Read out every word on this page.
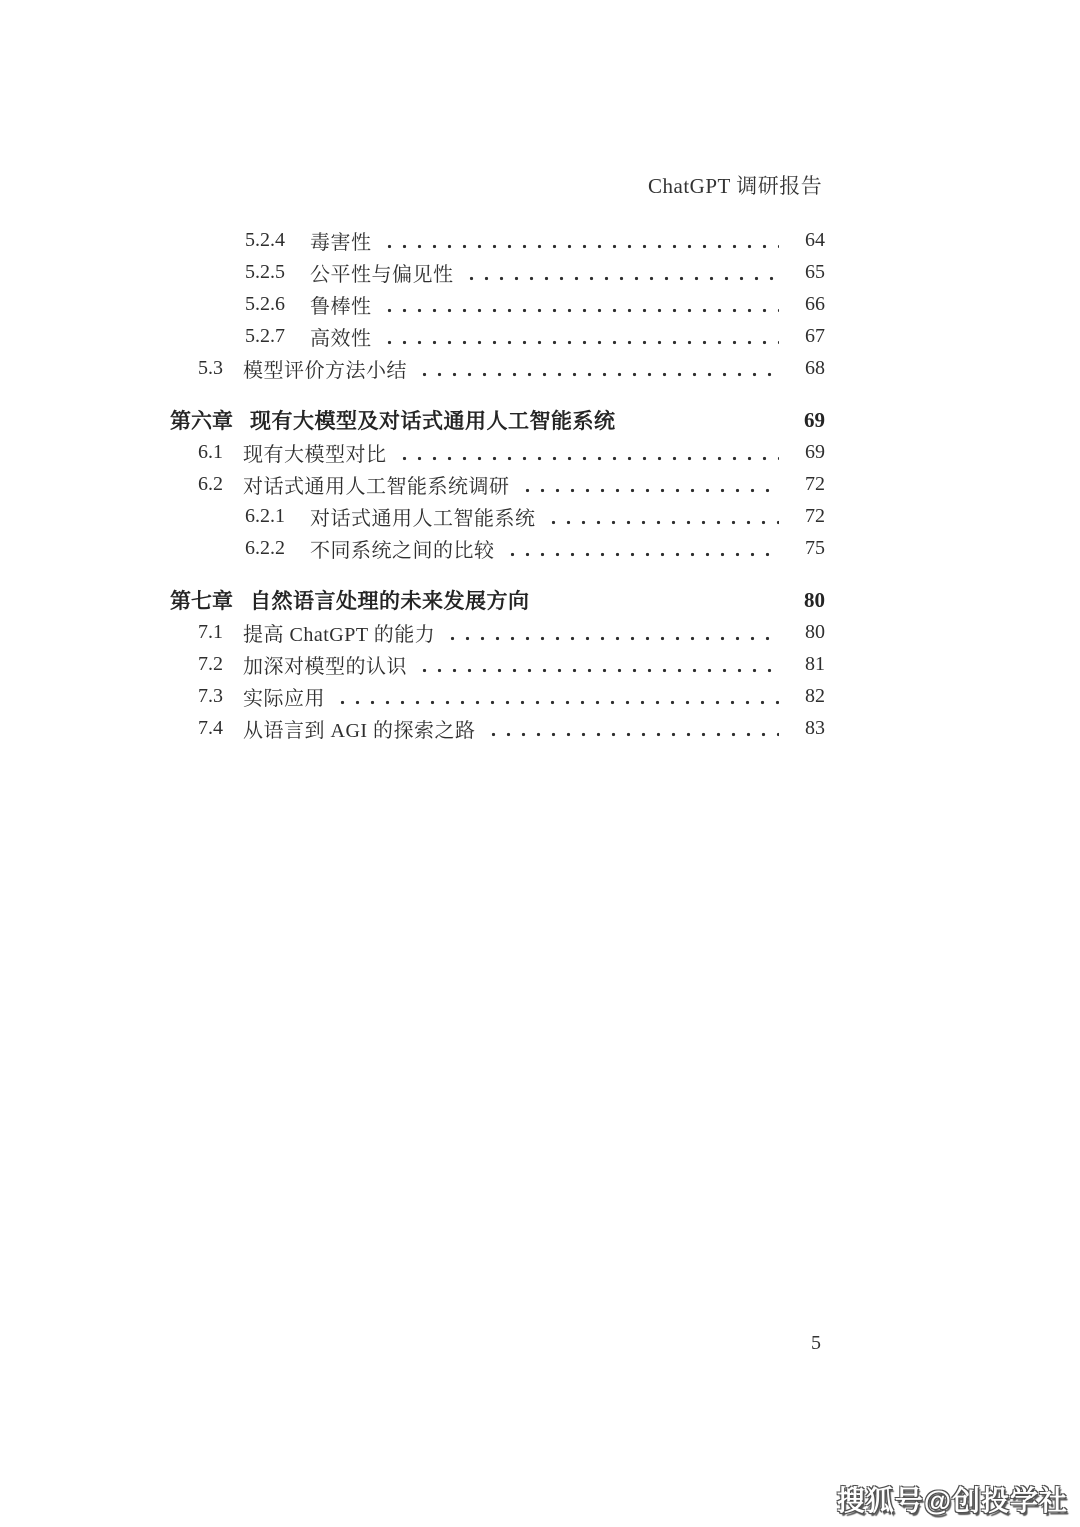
ChatGPT 调研报告
5.2.4	毒害性	64
5.2.5	公平性与偏见性	65
5.2.6	鲁棒性	66
5.2.7	高效性	67
5.3	模型评价方法小结	68
第六章 现有大模型及对话式通用人工智能系统	69
6.1	现有大模型对比	69
6.2	对话式通用人工智能系统调研	72
6.2.1	对话式通用人工智能系统	72
6.2.2	不同系统之间的比较	75
第七章 自然语言处理的未来发展方向	80
7.1	提高 ChatGPT 的能力	80
7.2	加深对模型的认识	81
7.3	实际应用	82
7.4	从语言到 AGI 的探索之路	83
5
搜狐号@创投学社
